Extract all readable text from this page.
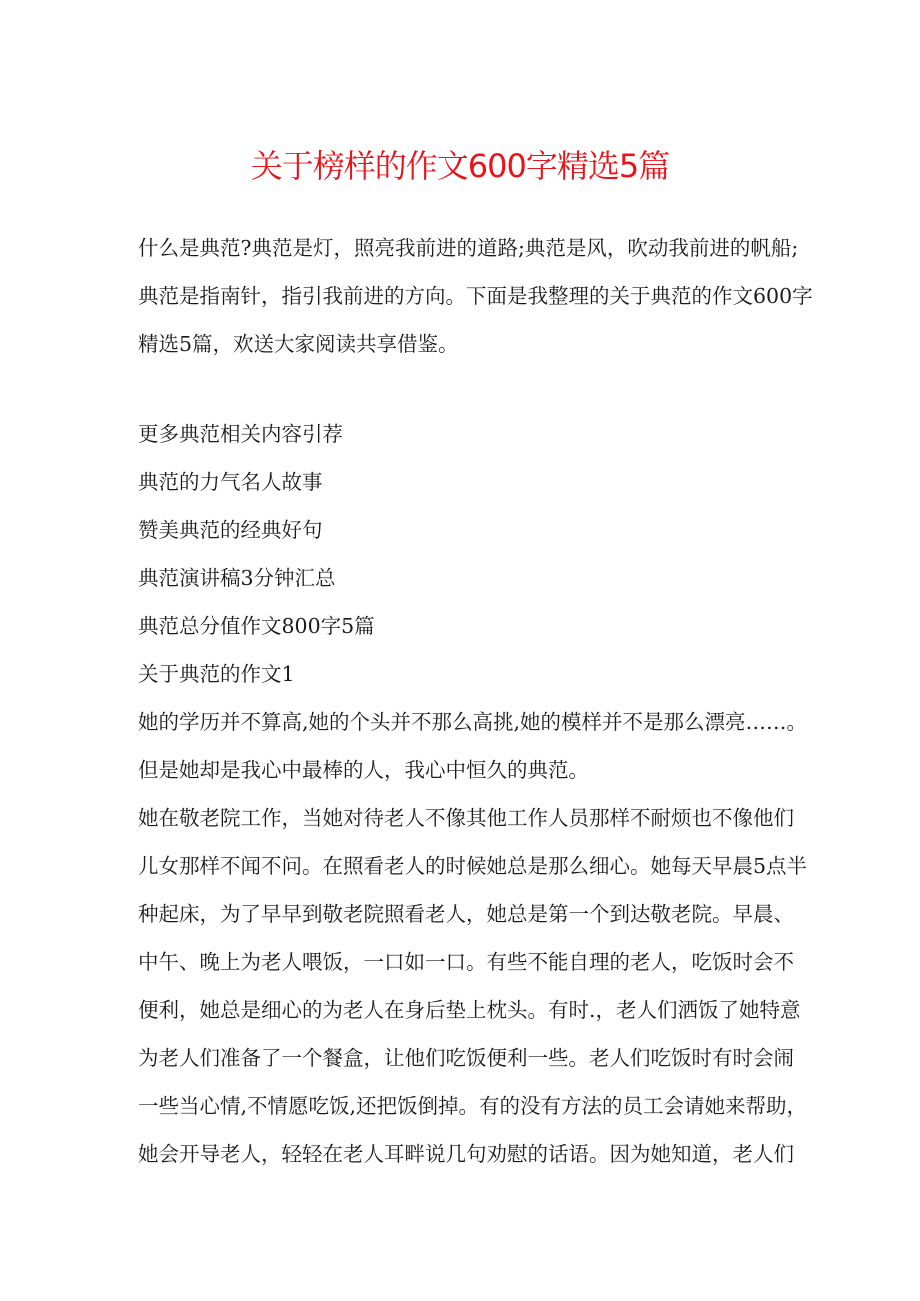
关于榜样的作文600字精选5篇
什么是典范?典范是灯，照亮我前进的道路;典范是风，吹动我前进的帆船;
典范是指南针，指引我前进的方向。下面是我整理的关于典范的作文600字
精选5篇，欢送大家阅读共享借鉴。
更多典范相关内容引荐
典范的力气名人故事
赞美典范的经典好句
典范演讲稿3分钟汇总
典范总分值作文800字5篇
关于典范的作文1
她的学历并不算高,她的个头并不那么高挑,她的模样并不是那么漂亮……。
但是她却是我心中最棒的人，我心中恒久的典范。
她在敬老院工作，当她对待老人不像其他工作人员那样不耐烦也不像他们
儿女那样不闻不问。在照看老人的时候她总是那么细心。她每天早晨5点半
种起床，为了早早到敬老院照看老人，她总是第一个到达敬老院。早晨、
中午、晚上为老人喂饭，一口如一口。有些不能自理的老人，吃饭时会不
便利，她总是细心的为老人在身后垫上枕头。有时.，老人们洒饭了她特意
为老人们准备了一个餐盒，让他们吃饭便利一些。老人们吃饭时有时会闹
一些当心情,不情愿吃饭,还把饭倒掉。有的没有方法的员工会请她来帮助，
她会开导老人，轻轻在老人耳畔说几句劝慰的话语。因为她知道，老人们
